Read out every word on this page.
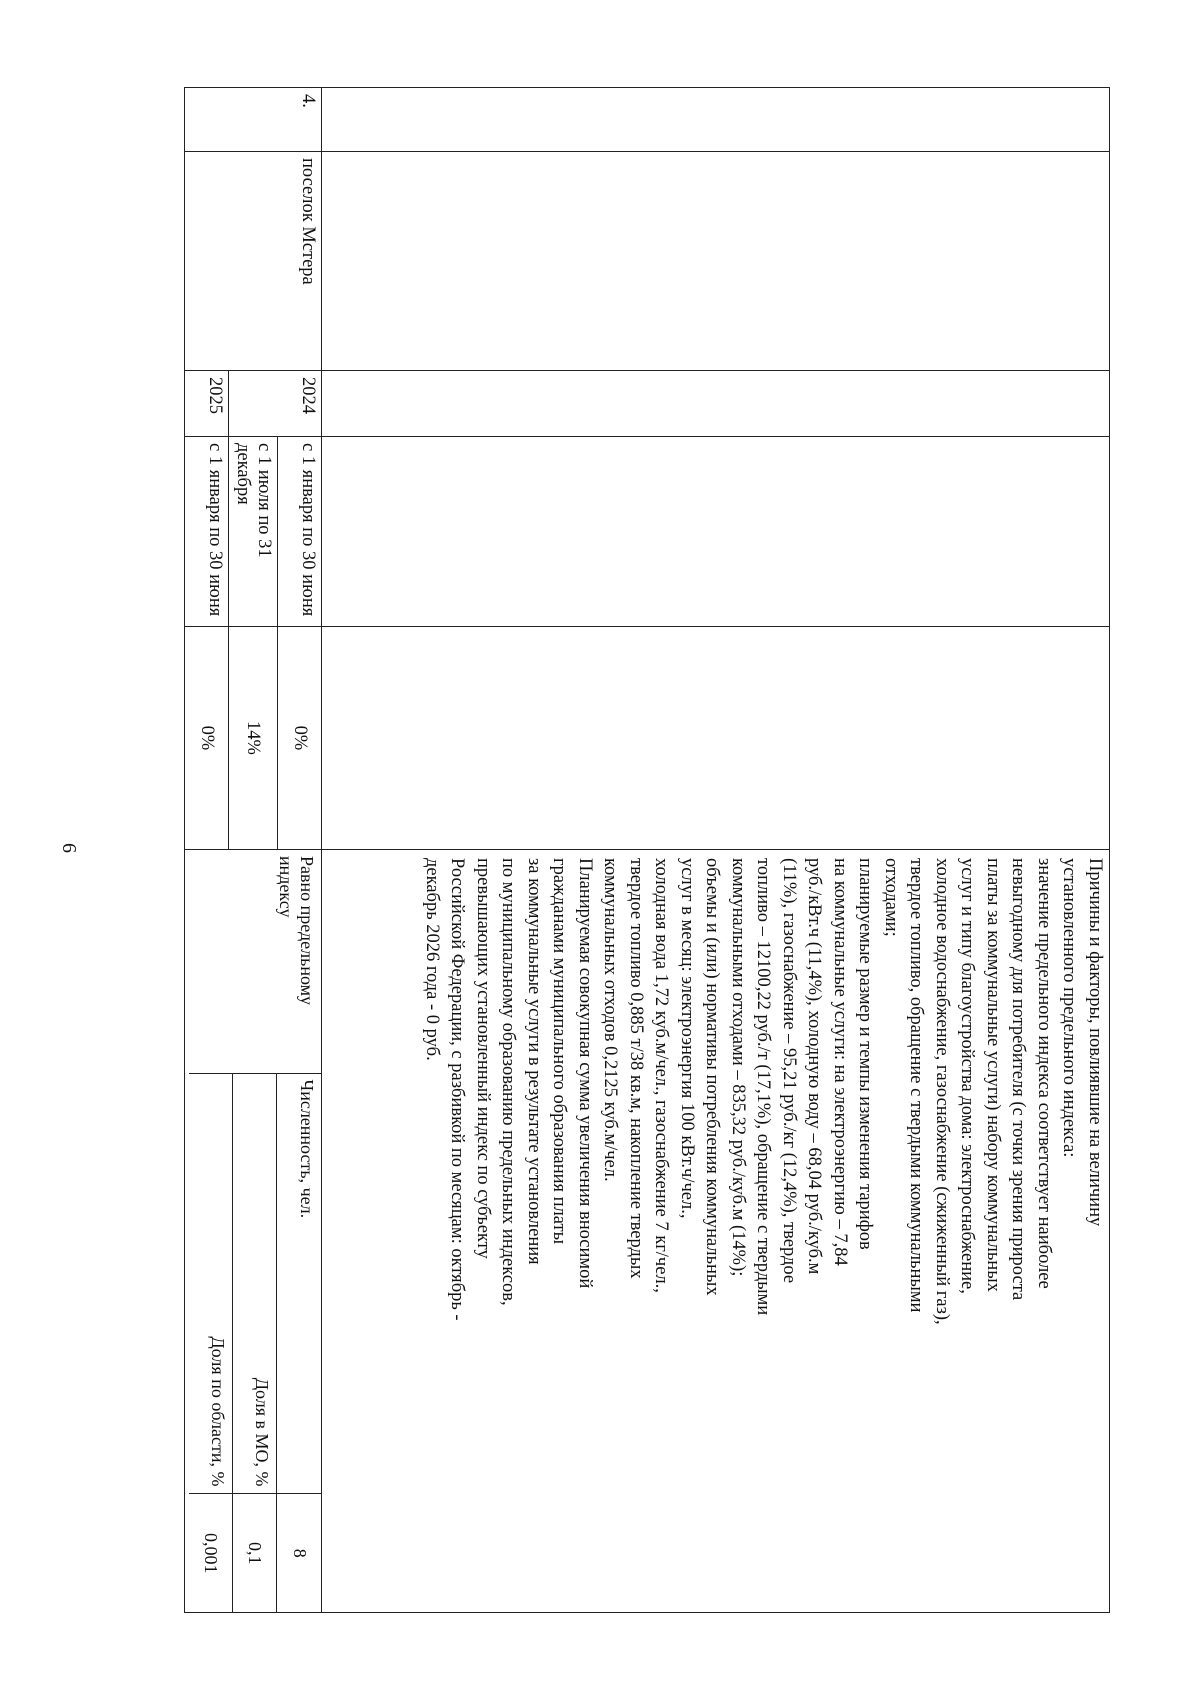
6

Причины и факторы, повлиявшие на величину
установленного предельного индекса:
значение предельного индекса соответствует наиболее
невыгодному для потребителя (с точки зрения прироста
платы за коммунальные услуги) набору коммунальных
услуг и типу благоустройства дома: электроснабжение,
холодное водоснабжение, газоснабжение (сжиженный газ),
твердое топливо, обращение с твердыми коммунальными
отходами;
планируемые размер и темпы изменения тарифов
на коммунальные услуги: на электроэнергию – 7,84
руб./кВт.ч (11,4%), холодную воду – 68,04 руб./куб.м
(11%), газоснабжение – 95,21 руб./кг (12,4%), твердое
топливо – 12100,22 руб./т (17,1%), обращение с твердыми
коммунальными отходами – 835,32 руб./куб.м (14%);
объемы и (или) нормативы потребления коммунальных
услуг в месяц: электроэнергия 100 кВт.ч/чел.,
холодная вода 1,72 куб.м/чел., газоснабжение 7 кг/чел.,
твердое топливо 0,885 т/38 кв.м, накопление твердых
коммунальных отходов 0,2125 куб.м/чел.
Планируемая совокупная сумма увеличения вносимой
гражданами муниципального образования платы
за коммунальные услуги в результате установления
по муниципальному образованию предельных индексов,
превышающих установленный индекс по субъекту
Российской Федерации, с разбивкой по месяцам: октябрь -
декабрь 2026 года - 0 руб.

4.	поселок Мстера	2024	с 1 января по 30 июня	0%	
Равно предельному индексу	Численность, чел.	8
Доля в МО, %	0,1
Доля по области, %	0,001

с 1 июля по 31 декабря	14%
2025	с 1 января по 30 июня	0%
